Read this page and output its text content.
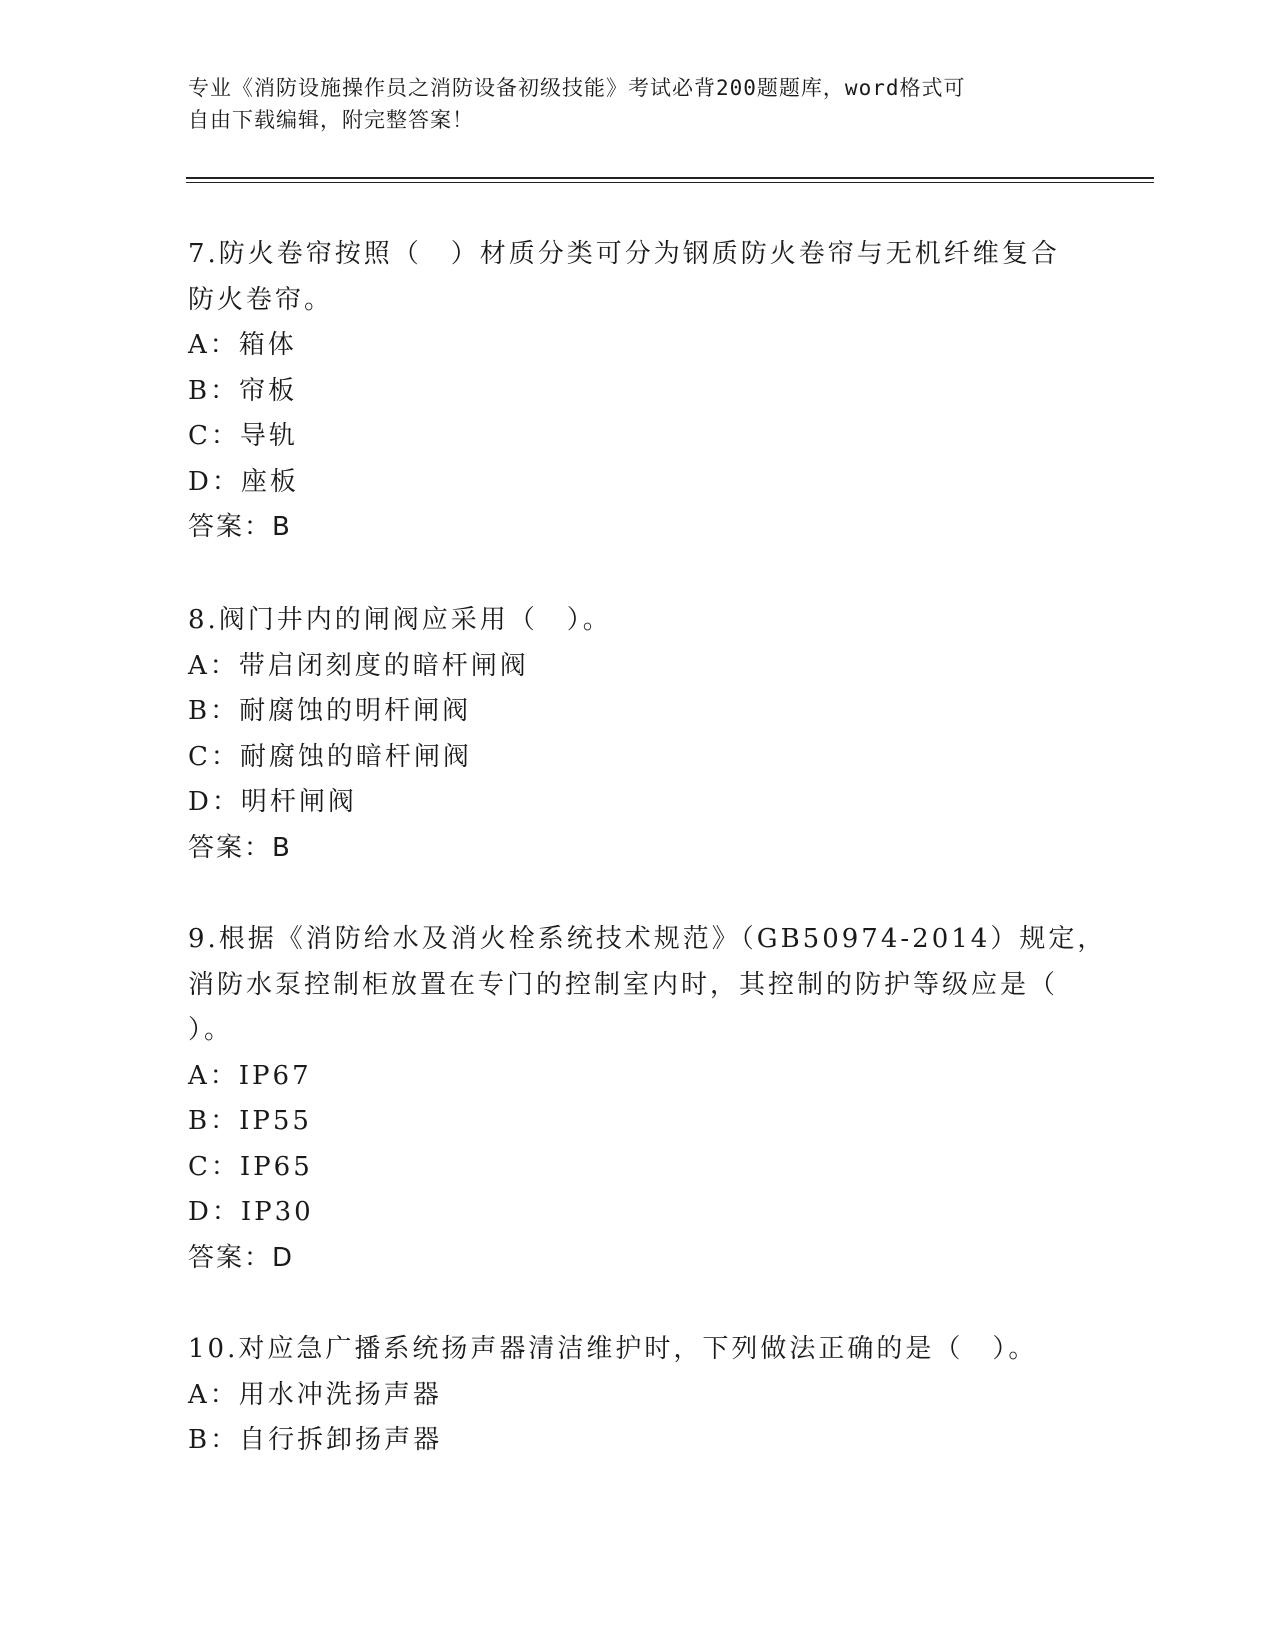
专业《消防设施操作员之消防设备初级技能》考试必背200题题库，word格式可
自由下载编辑，附完整答案！
7.防火卷帘按照（　）材质分类可分为钢质防火卷帘与无机纤维复合
防火卷帘。
A：箱体
B：帘板
C：导轨
D：座板
答案：B
8.阀门井内的闸阀应采用（　）。
A：带启闭刻度的暗杆闸阀
B：耐腐蚀的明杆闸阀
C：耐腐蚀的暗杆闸阀
D：明杆闸阀
答案：B
9.根据《消防给水及消火栓系统技术规范》（GB50974-2014）规定，
消防水泵控制柜放置在专门的控制室内时，其控制的防护等级应是（
）。
A：IP67
B：IP55
C：IP65
D：IP30
答案：D
10.对应急广播系统扬声器清洁维护时，下列做法正确的是（　）。
A：用水冲洗扬声器
B：自行拆卸扬声器
